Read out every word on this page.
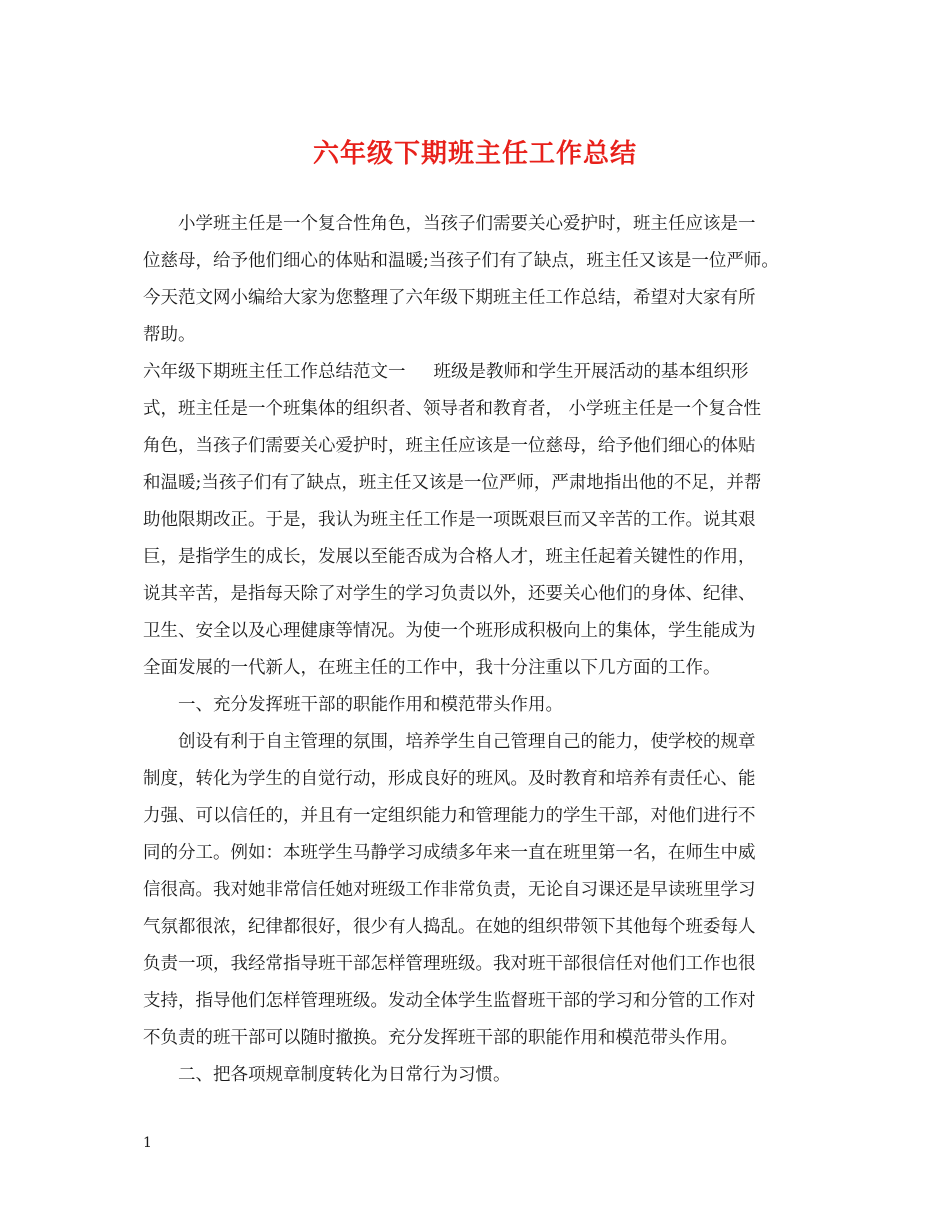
六年级下期班主任工作总结
小学班主任是一个复合性角色，当孩子们需要关心爱护时，班主任应该是一
位慈母，给予他们细心的体贴和温暖;当孩子们有了缺点，班主任又该是一位严师。
今天范文网小编给大家为您整理了六年级下期班主任工作总结，希望对大家有所
帮助。
六年级下期班主任工作总结范文一 班级是教师和学生开展活动的基本组织形
式，班主任是一个班集体的组织者、领导者和教育者， 小学班主任是一个复合性
角色，当孩子们需要关心爱护时，班主任应该是一位慈母，给予他们细心的体贴
和温暖;当孩子们有了缺点，班主任又该是一位严师，严肃地指出他的不足，并帮
助他限期改正。于是，我认为班主任工作是一项既艰巨而又辛苦的工作。说其艰
巨，是指学生的成长，发展以至能否成为合格人才，班主任起着关键性的作用，
说其辛苦，是指每天除了对学生的学习负责以外，还要关心他们的身体、纪律、
卫生、安全以及心理健康等情况。为使一个班形成积极向上的集体，学生能成为
全面发展的一代新人，在班主任的工作中，我十分注重以下几方面的工作。
一、充分发挥班干部的职能作用和模范带头作用。
创设有利于自主管理的氛围，培养学生自己管理自己的能力，使学校的规章
制度，转化为学生的自觉行动，形成良好的班风。及时教育和培养有责任心、能
力强、可以信任的，并且有一定组织能力和管理能力的学生干部，对他们进行不
同的分工。例如：本班学生马静学习成绩多年来一直在班里第一名，在师生中威
信很高。我对她非常信任她对班级工作非常负责，无论自习课还是早读班里学习
气氛都很浓，纪律都很好，很少有人捣乱。在她的组织带领下其他每个班委每人
负责一项，我经常指导班干部怎样管理班级。我对班干部很信任对他们工作也很
支持，指导他们怎样管理班级。发动全体学生监督班干部的学习和分管的工作对
不负责的班干部可以随时撤换。充分发挥班干部的职能作用和模范带头作用。
二、把各项规章制度转化为日常行为习惯。
1
